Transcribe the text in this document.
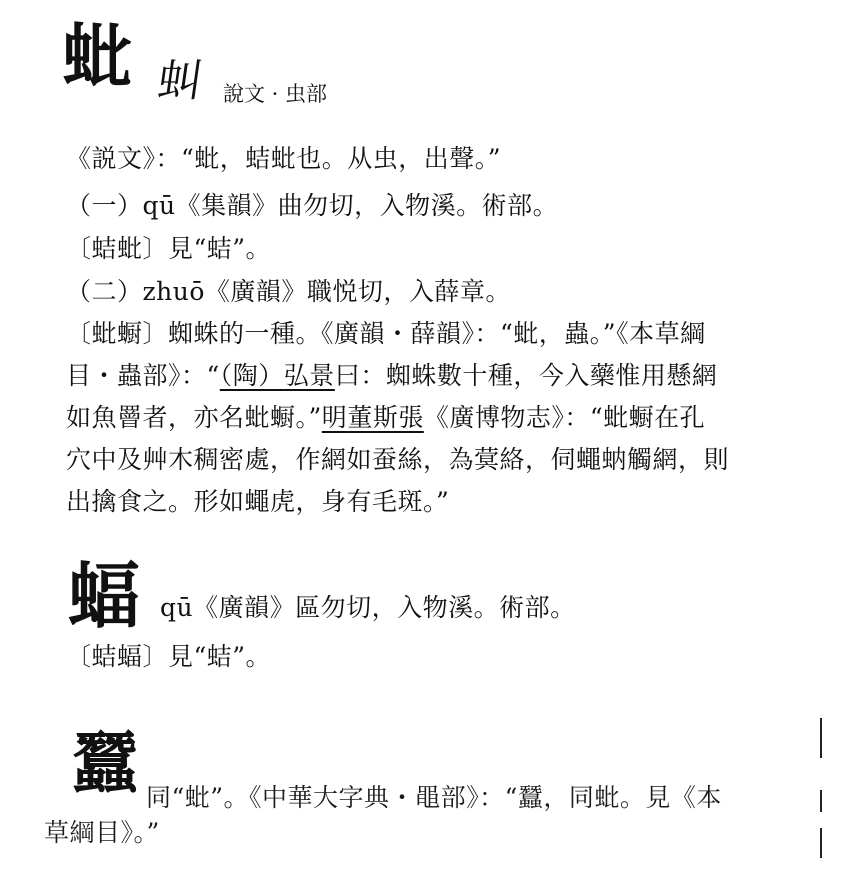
蚍 虯 說文 · 虫部
《説文》：“蚍，蛣蚍也。从虫，出聲。”
（一）qū《集韻》曲勿切，入物溪。術部。
〔蛣蚍〕見“蛣”。
（二）zhuō《廣韻》職悦切，入薛章。
〔蚍蟵〕蜘蛛的一種。《廣韻・薛韻》：“蚍，蟲。”《本草綱
目・蟲部》：“（陶）弘景曰：蜘蛛數十種，今入藥惟用懸網
如魚罾者，亦名蚍蟵。”明董斯張《廣博物志》：“蚍蟵在孔
穴中及艸木稠密處，作網如蚕絲，為蓂絡，伺蠅蚋觸網，則
出擒食之。形如蠅虎，身有毛斑。”
蝠 qū《廣韻》區勿切，入物溪。術部。
〔蛣蝠〕見“蛣”。
蠶 同“蚍”。《中華大字典・黽部》：“蠶，同蚍。見《本
草綱目》。”
